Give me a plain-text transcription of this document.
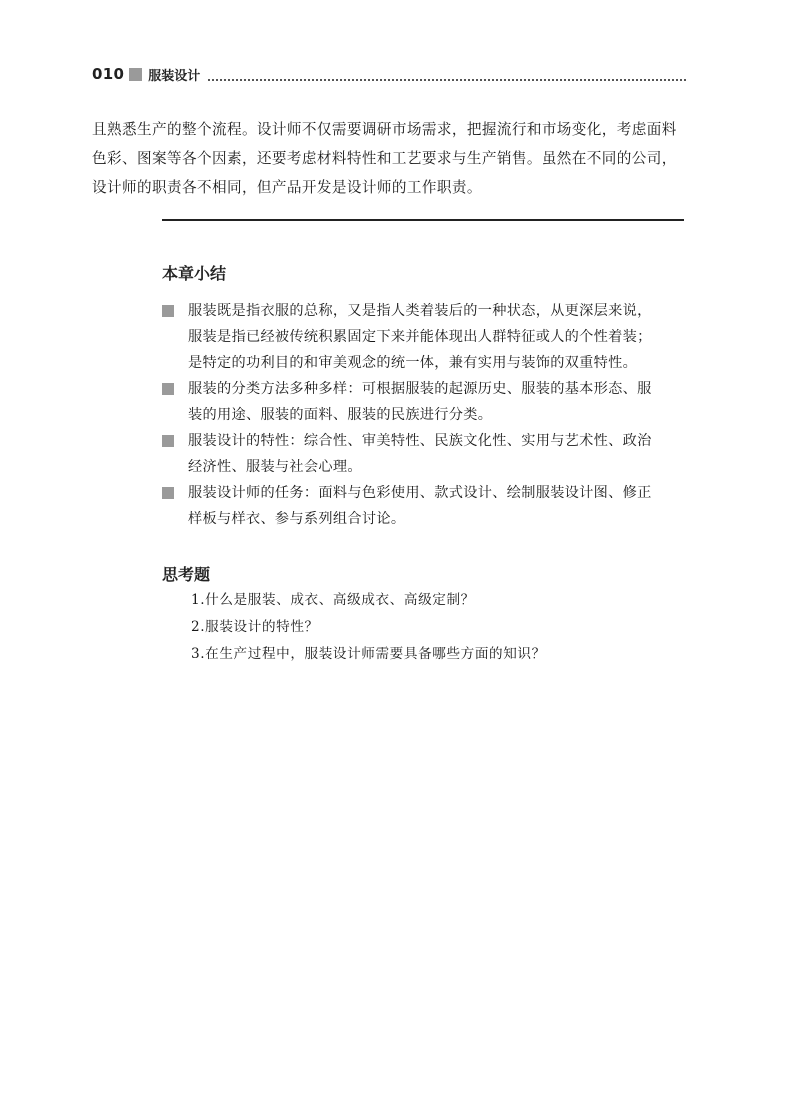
010 服装设计

且熟悉生产的整个流程。设计师不仅需要调研市场需求，把握流行和市场变化，考虑面料

色彩、图案等各个因素，还要考虑材料特性和工艺要求与生产销售。虽然在不同的公司，

设计师的职责各不相同，但产品开发是设计师的工作职责。

本章小结
服装既是指衣服的总称，又是指人类着装后的一种状态，从更深层来说，
服装是指已经被传统积累固定下来并能体现出人群特征或人的个性着装；
是特定的功利目的和审美观念的统一体，兼有实用与装饰的双重特性。
服装的分类方法多种多样：可根据服装的起源历史、服装的基本形态、服
装的用途、服装的面料、服装的民族进行分类。
服装设计的特性：综合性、审美特性、民族文化性、实用与艺术性、政治
经济性、服装与社会心理。
服装设计师的任务：面料与色彩使用、款式设计、绘制服装设计图、修正
样板与样衣、参与系列组合讨论。
思考题
1.什么是服装、成衣、高级成衣、高级定制？
2.服装设计的特性？
3.在生产过程中，服装设计师需要具备哪些方面的知识？
